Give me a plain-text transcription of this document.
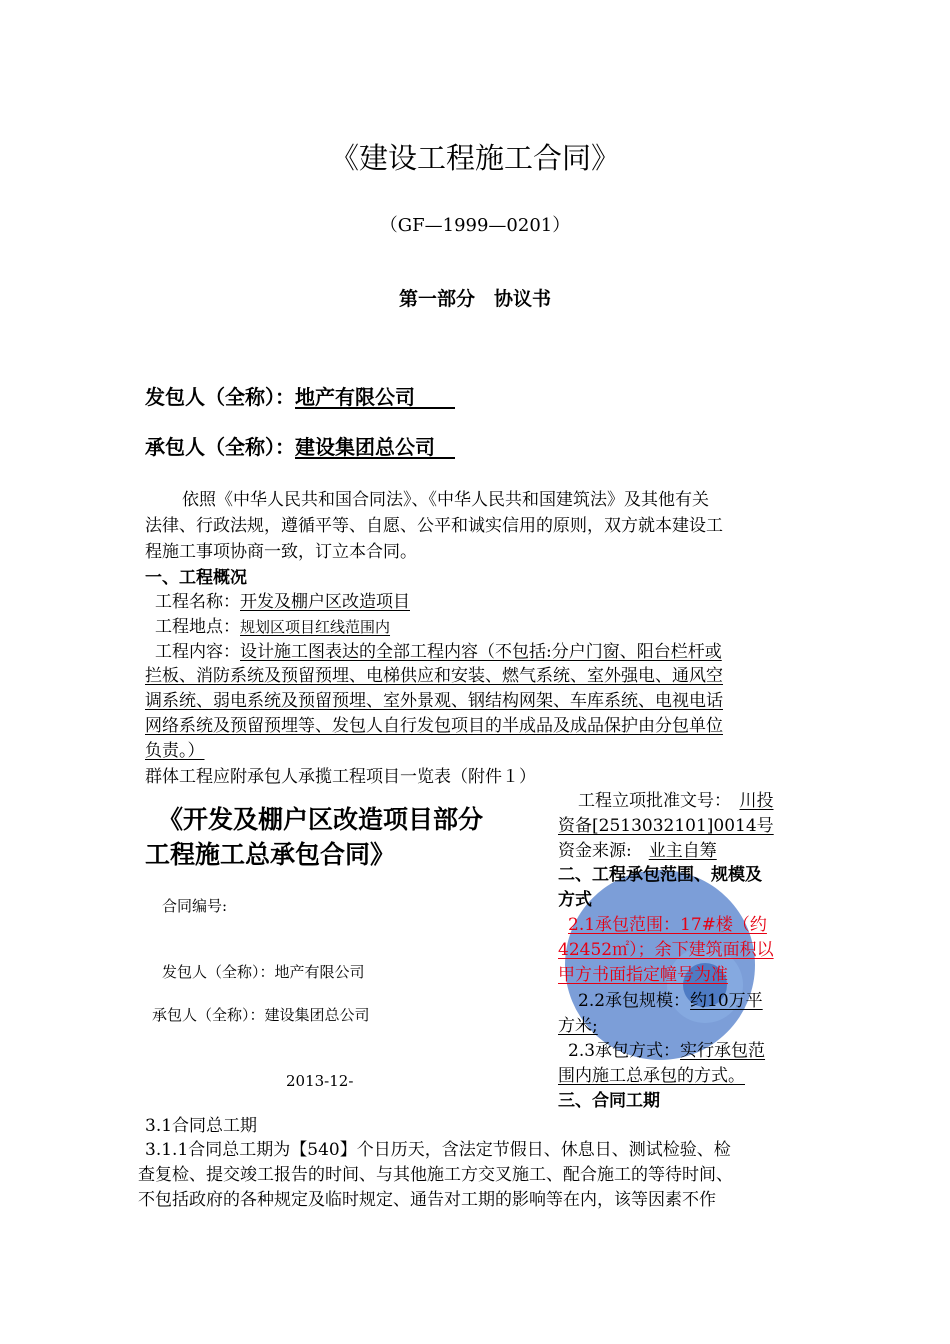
《建设工程施工合同》
（GF—1999—0201）
第一部分　协议书
发包人（全称）：地产有限公司　　
承包人（全称）：建设集团总公司　
依照《中华人民共和国合同法》、《中华人民共和国建筑法》及其他有关
法律、行政法规，遵循平等、自愿、公平和诚实信用的原则，双方就本建设工
程施工事项协商一致，订立本合同。
一、工程概况
工程名称：开发及棚户区改造项目
工程地点：规划区项目红线范围内
工程内容：设计施工图表达的全部工程内容（不包括:分户门窗、阳台栏杆或
拦板、消防系统及预留预埋、电梯供应和安装、燃气系统、室外强电、通风空
调系统、弱电系统及预留预埋、室外景观、钢结构网架、车库系统、电视电话
网络系统及预留预埋等、发包人自行发包项目的半成品及成品保护由分包单位
负责。）
群体工程应附承包人承揽工程项目一览表（附件１）
《开发及棚户区改造项目部分
工程施工总承包合同》
合同编号:
发包人（全称）：地产有限公司
承包人（全称）：建设集团总公司
2013-12-
工程立项批准文号：　 川投
资备[2513032101]0014号
资金来源:　 业主自筹
二、工程承包范围、规模及
方式
2.1承包范围：17#楼（约
42452㎡）；余下建筑面积以
甲方书面指定幢号为准
2.2承包规模：约10万平
方米;
2.3承包方式：实行承包范
围内施工总承包的方式。
三、合同工期
3.1合同总工期
3.1.1合同总工期为【540】个日历天，含法定节假日、休息日、测试检验、检
查复检、提交竣工报告的时间、与其他施工方交叉施工、配合施工的等待时间、
不包括政府的各种规定及临时规定、通告对工期的影响等在内，该等因素不作
